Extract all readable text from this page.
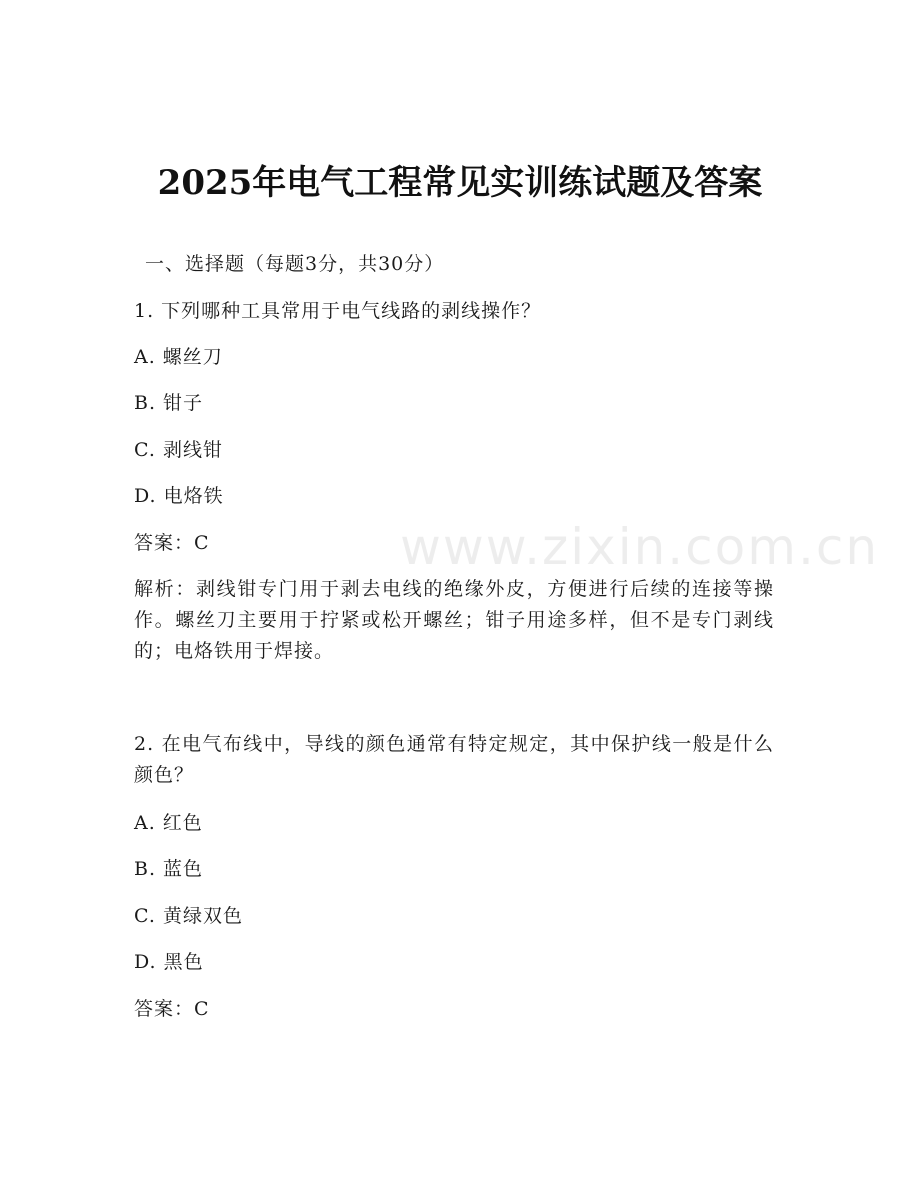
www.zixin.com.cn
2025年电气工程常见实训练试题及答案
一、选择题（每题3分，共30分）
1. 下列哪种工具常用于电气线路的剥线操作？
A. 螺丝刀
B. 钳子
C. 剥线钳
D. 电烙铁
答案：C
解析：剥线钳专门用于剥去电线的绝缘外皮，方便进行后续的连接等操作。螺丝刀主要用于拧紧或松开螺丝；钳子用途多样，但不是专门剥线的；电烙铁用于焊接。
2. 在电气布线中，导线的颜色通常有特定规定，其中保护线一般是什么颜色？
A. 红色
B. 蓝色
C. 黄绿双色
D. 黑色
答案：C
